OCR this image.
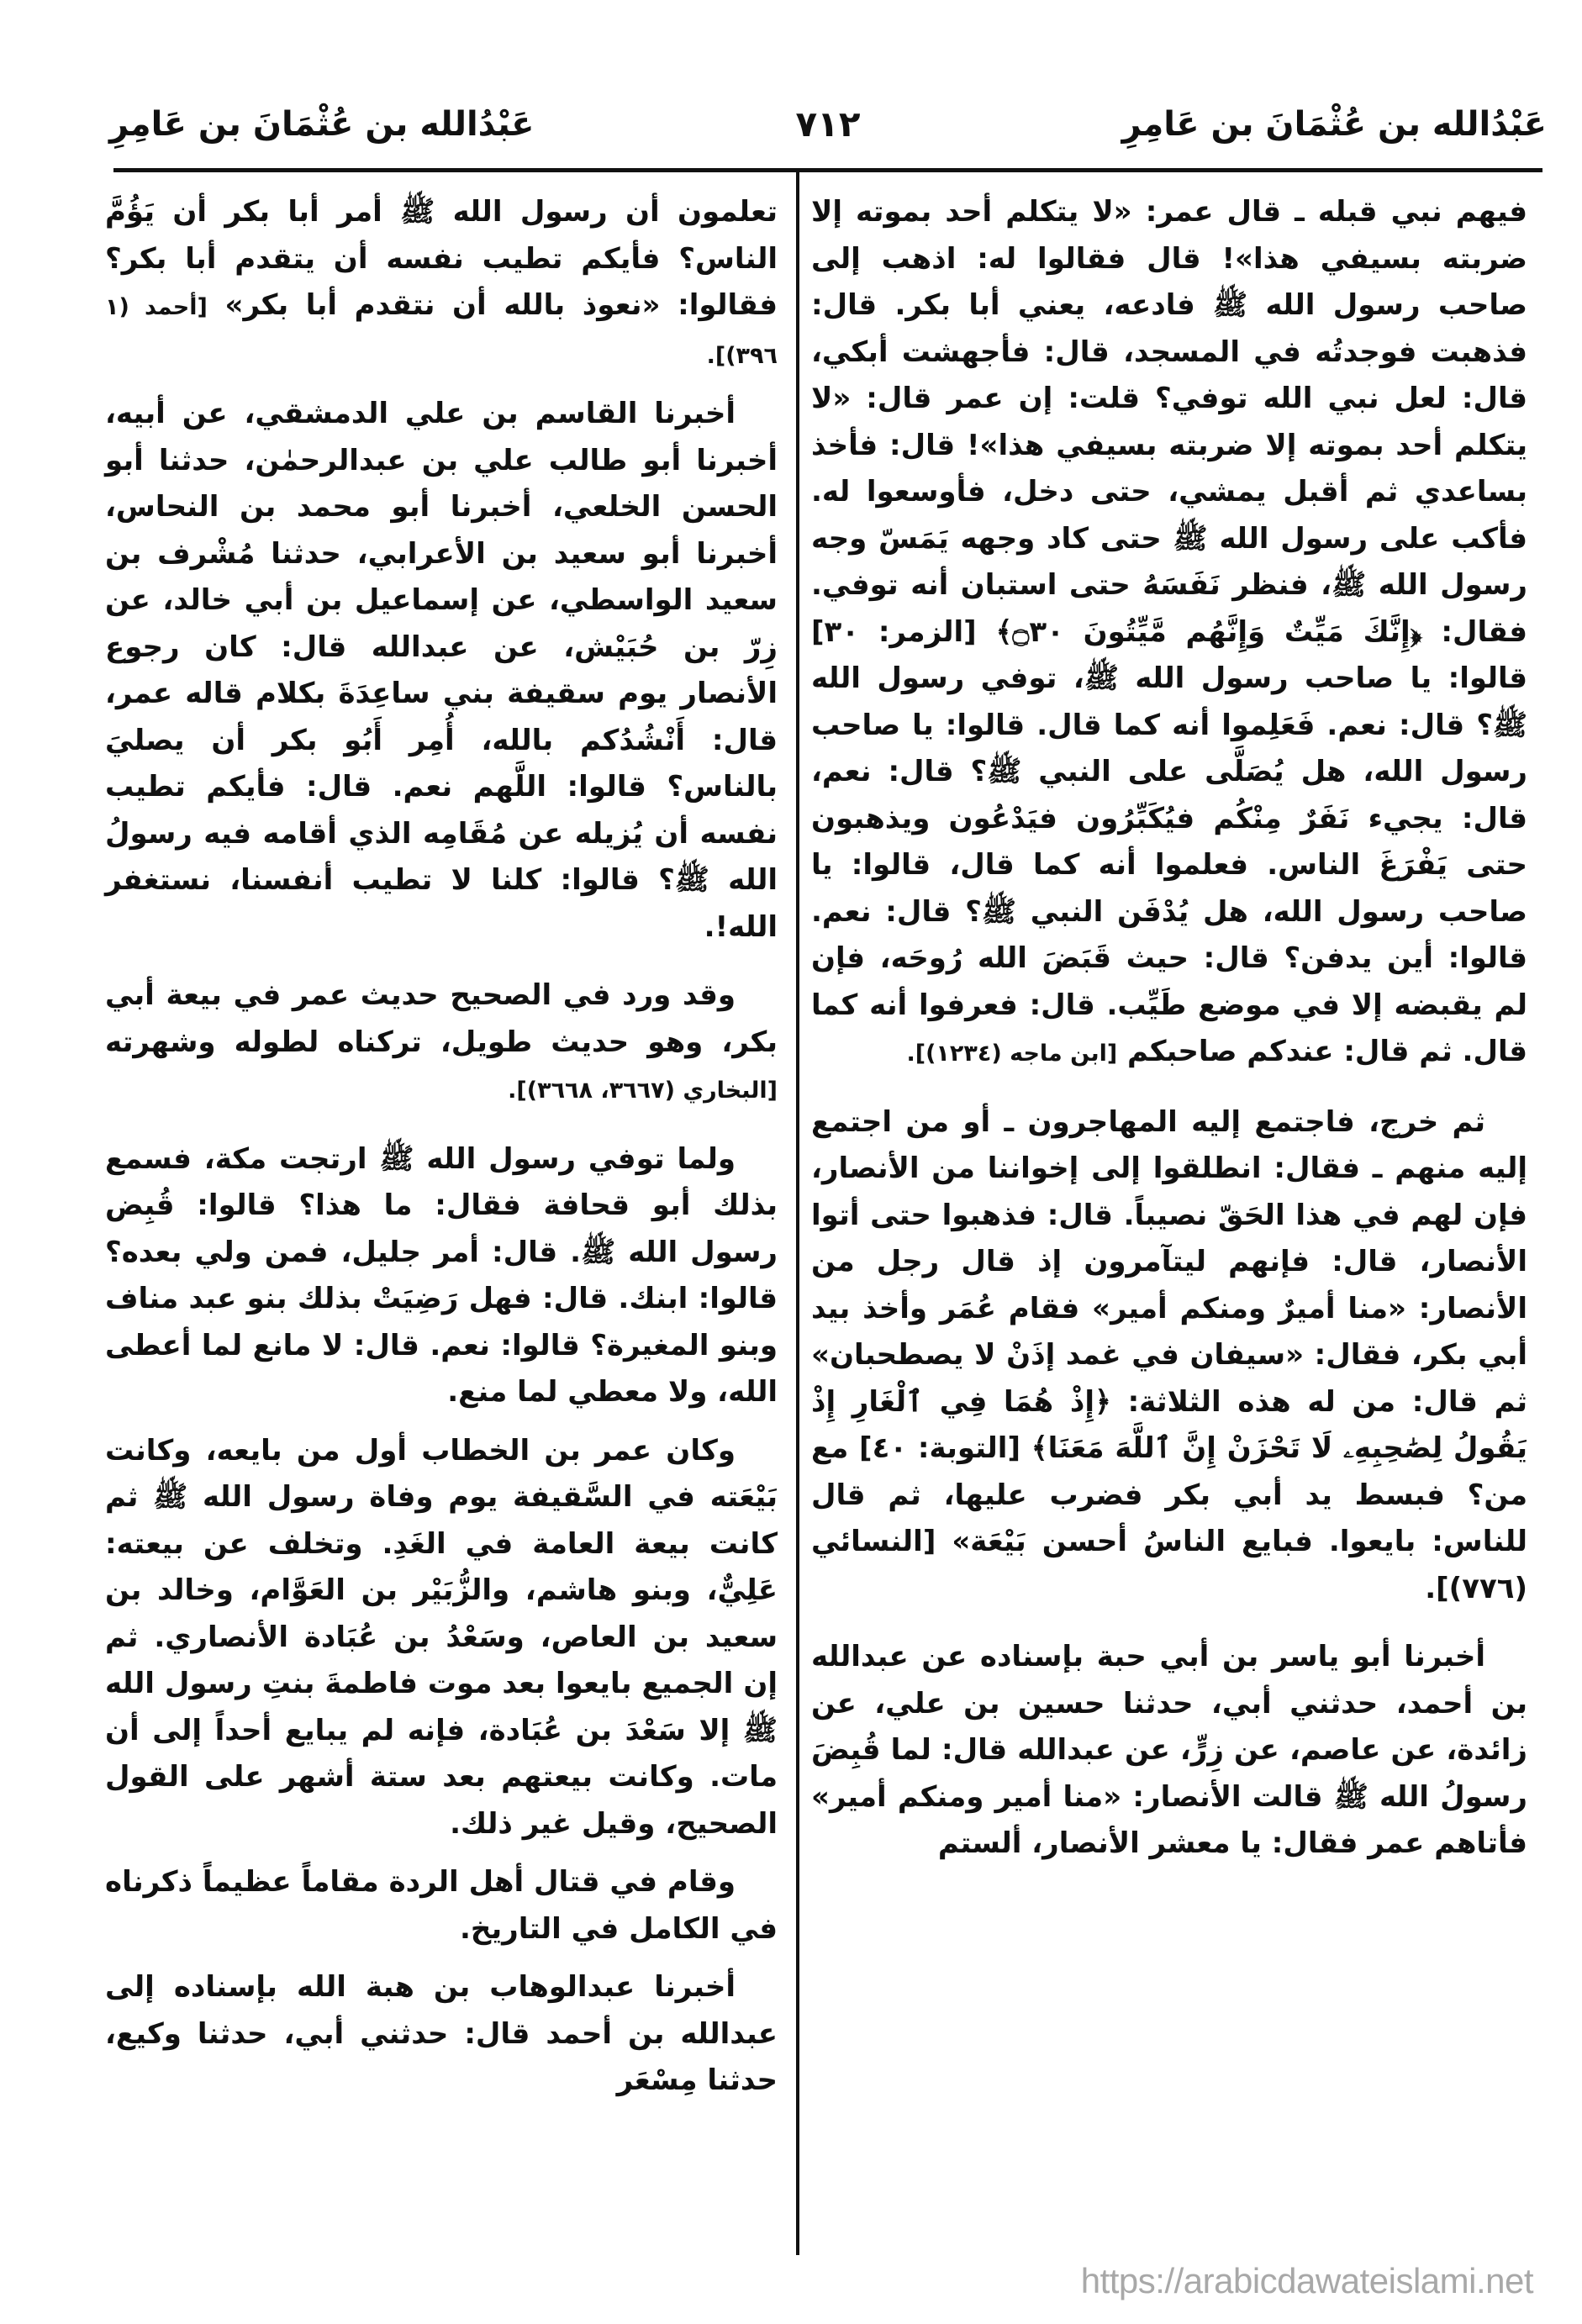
عَبْدُالله بن عُثْمَانَ بن عَامِرِ
٧١٢
عَبْدُالله بن عُثْمَانَ بن عَامِرِ

فيهم نبي قبله ـ قال عمر: «لا يتكلم أحد بموته إلا ضربته بسيفي هذا»! قال فقالوا له: اذهب إلى صاحب رسول الله ﷺ فادعه، يعني أبا بكر. قال: فذهبت فوجدتُه في المسجد، قال: فأجهشت أبكي، قال: لعل نبي الله توفي؟ قلت: إن عمر قال: «لا يتكلم أحد بموته إلا ضربته بسيفي هذا»! قال: فأخذ بساعدي ثم أقبل يمشي، حتى دخل، فأوسعوا له. فأكب على رسول الله ﷺ حتى كاد وجهه يَمَسّ وجه رسول الله ﷺ، فنظر نَفَسَهُ حتى استبان أنه توفي. فقال: ﴿إِنَّكَ مَيِّتٌ وَإِنَّهُم مَّيِّتُونَ ۝٣٠﴾ [الزمر: ٣٠] قالوا: يا صاحب رسول الله ﷺ، توفي رسول الله ﷺ؟ قال: نعم. فَعَلِموا أنه كما قال. قالوا: يا صاحب رسول الله، هل يُصَلَّى على النبي ﷺ؟ قال: نعم، قال: يجيء نَفَرٌ مِنْكُم فيُكَبِّرُون فيَدْعُون ويذهبون حتى يَفْرَغَ الناس. فعلموا أنه كما قال، قالوا: يا صاحب رسول الله، هل يُدْفَن النبي ﷺ؟ قال: نعم. قالوا: أين يدفن؟ قال: حيث قَبَضَ الله رُوحَه، فإن لم يقبضه إلا في موضع طَيِّب. قال: فعرفوا أنه كما قال. ثم قال: عندكم صاحبكم [ابن ماجه (١٢٣٤)].

ثم خرج، فاجتمع إليه المهاجرون ـ أو من اجتمع إليه منهم ـ فقال: انطلقوا إلى إخواننا من الأنصار، فإن لهم في هذا الحَقّ نصيباً. قال: فذهبوا حتى أتوا الأنصار، قال: فإنهم ليتآمرون إذ قال رجل من الأنصار: «منا أميرٌ ومنكم أمير» فقام عُمَر وأخذ بيد أبي بكر، فقال: «سيفان في غمد إذَنْ لا يصطحبان» ثم قال: من له هذه الثلاثة: ﴿إِذْ هُمَا فِي ٱلْغَارِ إِذْ يَقُولُ لِصَٰحِبِهِۦ لَا تَحْزَنْ إِنَّ ٱللَّهَ مَعَنَا﴾ [التوبة: ٤٠] مع من؟ فبسط يد أبي بكر فضرب عليها، ثم قال للناس: بايعوا. فبايع الناسُ أحسن بَيْعَة» [النسائي (٧٧٦)].

أخبرنا أبو ياسر بن أبي حبة بإسناده عن عبدالله بن أحمد، حدثني أبي، حدثنا حسين بن علي، عن زائدة، عن عاصم، عن زِرٍّ، عن عبدالله قال: لما قُبِضَ رسولُ الله ﷺ قالت الأنصار: «منا أمير ومنكم أمير» فأتاهم عمر فقال: يا معشر الأنصار، ألستم

تعلمون أن رسول الله ﷺ أمر أبا بكر أن يَؤُمَّ الناس؟ فأيكم تطيب نفسه أن يتقدم أبا بكر؟ فقالوا: «نعوذ بالله أن نتقدم أبا بكر» [أحمد (١ ٣٩٦)].

أخبرنا القاسم بن علي الدمشقي، عن أبيه، أخبرنا أبو طالب علي بن عبدالرحمٰن، حدثنا أبو الحسن الخلعي، أخبرنا أبو محمد بن النحاس، أخبرنا أبو سعيد بن الأعرابي، حدثنا مُشْرف بن سعيد الواسطي، عن إسماعيل بن أبي خالد، عن زِرّ بن حُبَيْش، عن عبدالله قال: كان رجوع الأنصار يوم سقيفة بني ساعِدَةَ بكلام قاله عمر، قال: أَنْشُدُكم بالله، أُمِر أَبُو بكر أن يصليَ بالناس؟ قالوا: اللَّهم نعم. قال: فأيكم تطيب نفسه أن يُزيله عن مُقَامِه الذي أقامه فيه رسولُ الله ﷺ؟ قالوا: كلنا لا تطيب أنفسنا، نستغفر الله!.

وقد ورد في الصحيح حديث عمر في بيعة أبي بكر، وهو حديث طويل، تركناه لطوله وشهرته [البخاري (٣٦٦٧، ٣٦٦٨)].

ولما توفي رسول الله ﷺ ارتجت مكة، فسمع بذلك أبو قحافة فقال: ما هذا؟ قالوا: قُبِض رسول الله ﷺ. قال: أمر جليل، فمن ولي بعده؟ قالوا: ابنك. قال: فهل رَضِيَتْ بذلك بنو عبد مناف وبنو المغيرة؟ قالوا: نعم. قال: لا مانع لما أعطى الله، ولا معطي لما منع.

وكان عمر بن الخطاب أول من بايعه، وكانت بَيْعَته في السَّقيفة يوم وفاة رسول الله ﷺ ثم كانت بيعة العامة في الغَدِ. وتخلف عن بيعته: عَلِيٌّ، وبنو هاشم، والزُّبَيْر بن العَوَّام، وخالد بن سعيد بن العاص، وسَعْدُ بن عُبَادة الأنصاري. ثم إن الجميع بايعوا بعد موت فاطمةَ بنتِ رسول الله ﷺ إلا سَعْدَ بن عُبَادة، فإنه لم يبايع أحداً إلى أن مات. وكانت بيعتهم بعد ستة أشهر على القول الصحيح، وقيل غير ذلك.

وقام في قتال أهل الردة مقاماً عظيماً ذكرناه في الكامل في التاريخ.

أخبرنا عبدالوهاب بن هبة الله بإسناده إلى عبدالله بن أحمد قال: حدثني أبي، حدثنا وكيع، حدثنا مِسْعَر

https://arabicdawateislami.net
